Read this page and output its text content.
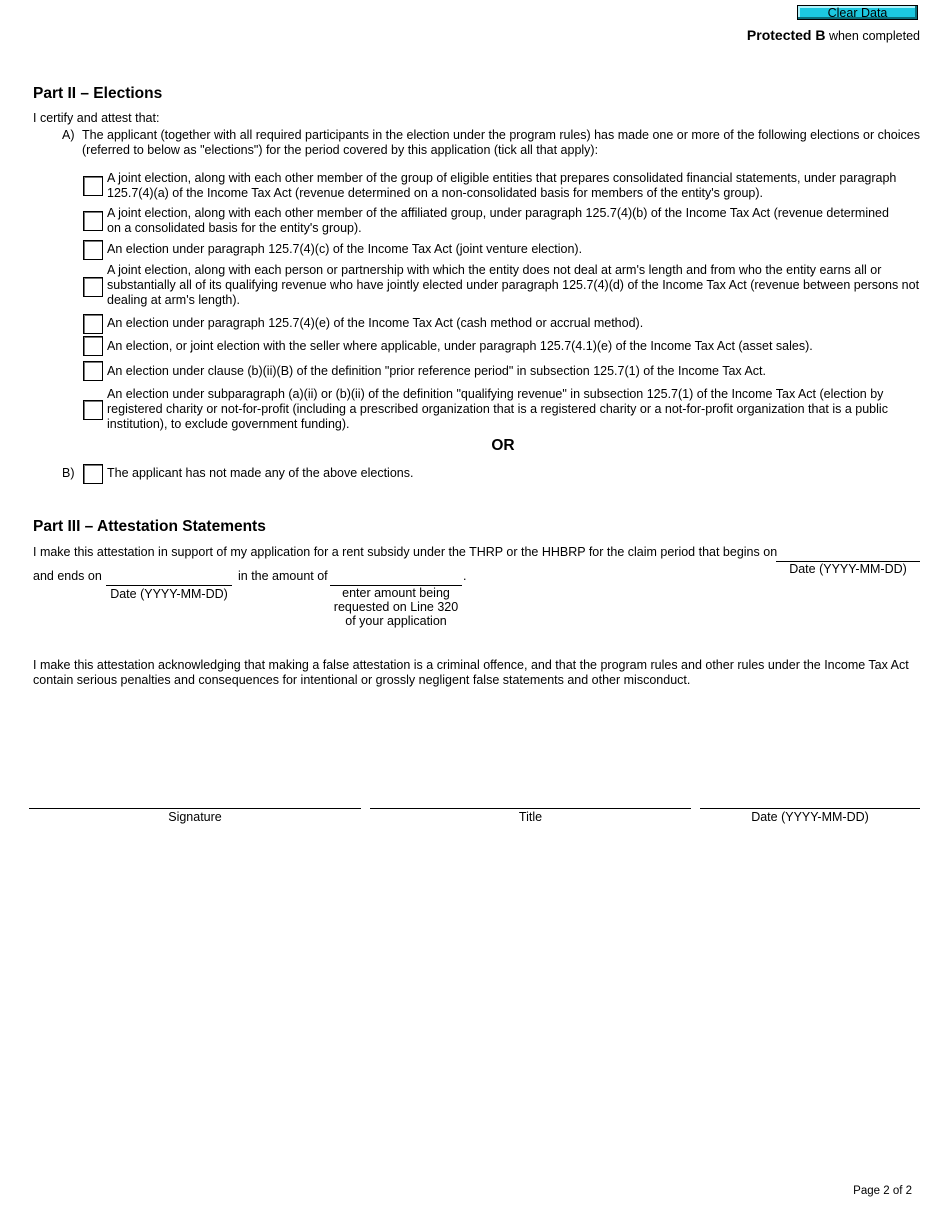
Clear Data
Protected B when completed
Part II – Elections
I certify and attest that:
A) The applicant (together with all required participants in the election under the program rules) has made one or more of the following elections or choices (referred to below as "elections") for the period covered by this application (tick all that apply):
A joint election, along with each other member of the group of eligible entities that prepares consolidated financial statements, under paragraph 125.7(4)(a) of the Income Tax Act (revenue determined on a non-consolidated basis for members of the entity's group).
A joint election, along with each other member of the affiliated group, under paragraph 125.7(4)(b) of the Income Tax Act (revenue determined on a consolidated basis for the entity's group).
An election under paragraph 125.7(4)(c) of the Income Tax Act (joint venture election).
A joint election, along with each person or partnership with which the entity does not deal at arm's length and from who the entity earns all or substantially all of its qualifying revenue who have jointly elected under paragraph 125.7(4)(d) of the Income Tax Act (revenue between persons not dealing at arm's length).
An election under paragraph 125.7(4)(e) of the Income Tax Act (cash method or accrual method).
An election, or joint election with the seller where applicable, under paragraph 125.7(4.1)(e) of the Income Tax Act (asset sales).
An election under clause (b)(ii)(B) of the definition "prior reference period" in subsection 125.7(1) of the Income Tax Act.
An election under subparagraph (a)(ii) or (b)(ii) of the definition "qualifying revenue" in subsection 125.7(1) of the Income Tax Act (election by registered charity or not-for-profit (including a prescribed organization that is a registered charity or a not-for-profit organization that is a public institution), to exclude government funding).
OR
B)	The applicant has not made any of the above elections.
Part III – Attestation Statements
I make this attestation in support of my application for a rent subsidy under the THRP or the HHBRP for the claim period that begins on
Date (YYYY-MM-DD)
and ends on
Date (YYYY-MM-DD)
in the amount of	.
enter amount being
requested on Line 320
of your application
I make this attestation acknowledging that making a false attestation is a criminal offence, and that the program rules and other rules under the Income Tax Act contain serious penalties and consequences for intentional or grossly negligent false statements and other misconduct.
Signature	Title	Date (YYYY-MM-DD)
Page 2 of 2
